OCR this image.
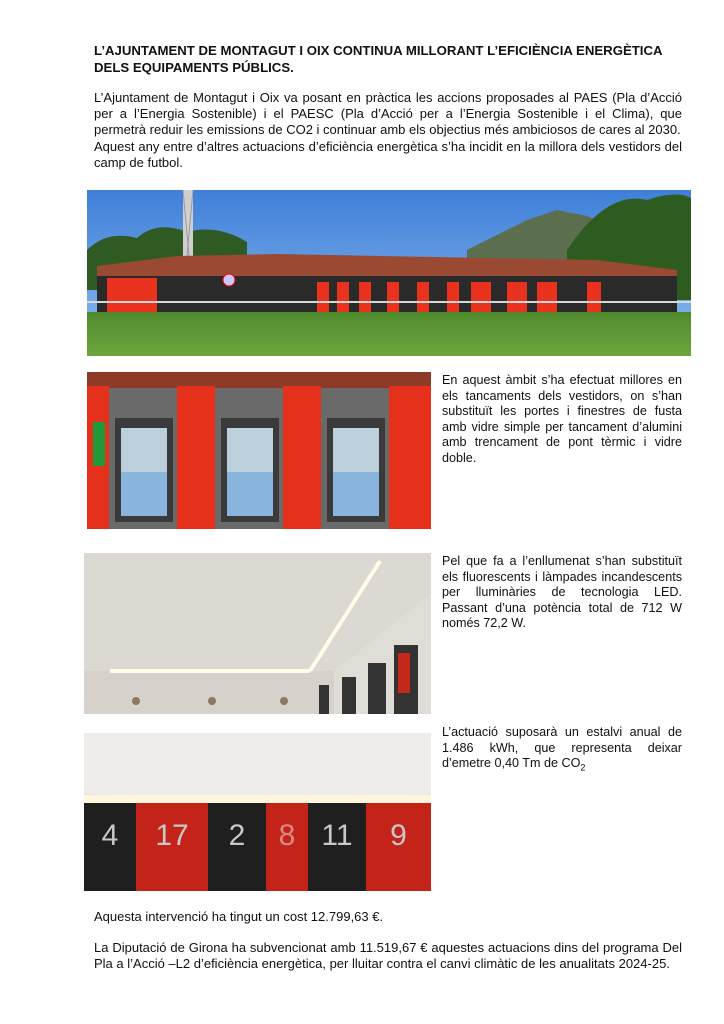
L’AJUNTAMENT DE MONTAGUT I OIX CONTINUA MILLORANT L’EFICIÈNCIA ENERGÈTICA DELS EQUIPAMENTS PÚBLICS.

L’Ajuntament de Montagut i Oix va posant en pràctica les accions proposades al PAES (Pla d’Acció per a l’Energia Sostenible) i el PAESC (Pla d’Acció per a l’Energia Sostenible i el Clima), que permetrà reduir les emissions de CO2 i continuar amb els objectius més ambiciosos de cares al 2030.

Aquest any entre d’altres actuacions d’eficiència energètica s’ha incidit en la millora dels vestidors del camp de futbol.

En aquest àmbit s’ha efectuat millores en els tancaments dels vestidors, on s’han substituït les portes i finestres de fusta amb vidre simple per tancament d’alumini amb trencament de pont tèrmic i vidre doble.
Pel que fa a l’enllumenat s’han substituït els fluorescents i làmpades incandescents per lluminàries de tecnologia LED. Passant d’una potència total de 712 W només 72,2 W.
4	17	2	8 11	9
L’actuació suposarà un estalvi anual de 1.486 kWh, que representa deixar d’emetre 0,40 Tm de $CO_2$
Aquesta intervenció ha tingut un cost 12.799,63 €.
La Diputació de Girona ha subvencionat amb 11.519,67 € aquestes actuacions dins del programa Del Pla a l’Acció –L2 d’eficiència energètica, per lluitar contra el canvi climàtic de les anualitats 2024-25.
